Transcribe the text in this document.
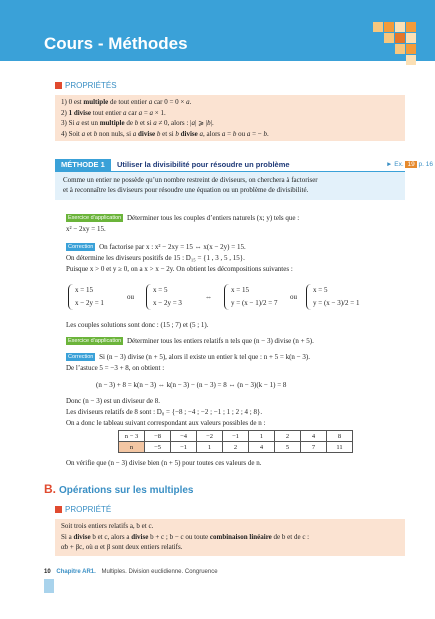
Cours - Méthodes
PROPRIÉTÉS
1) 0 est multiple de tout entier a car 0 = 0 × a.
2) 1 divise tout entier a car a = a × 1.
3) Si a est un multiple de b et si a ≠ 0, alors : |a| ⩾ |b|.
4) Soit a et b non nuls, si a divise b et si b divise a, alors a = b ou a = − b.
MÉTHODE 1	Utiliser la divisibilité pour résoudre un problème	► Ex. 19 p. 16
Comme un entier ne possède qu’un nombre restreint de diviseurs, on cherchera à factoriser
et à reconnaître les diviseurs pour résoudre une équation ou un problème de divisibilité.
Exercice d’application Déterminer tous les couples d’entiers naturels (x; y) tels que :
x² − 2xy = 15.
Correction On factorise par x : x² − 2xy = 15 ⇔ x(x − 2y) = 15.
On détermine les diviseurs positifs de 15 : D₁₅ = {1 , 3 , 5 , 15}.
Puisque x > 0 et y ≥ 0, on a x > x − 2y. On obtient les décompositions suivantes :
x = 15
x − 2y = 1
ou
x = 5
x − 2y = 3
⇔
x = 15
y = (x − 1)/2 = 7
ou
x = 5
y = (x − 3)/2 = 1
Les couples solutions sont donc : (15 ; 7) et (5 ; 1).
Exercice d’application Déterminer tous les entiers relatifs n tels que (n − 3) divise (n + 5).
Correction Si (n − 3) divise (n + 5), alors il existe un entier k tel que : n + 5 = k(n − 3).
De l’astuce 5 = −3 + 8, on obtient :
(n − 3) + 8 = k(n − 3) ⇔ k(n − 3) − (n − 3) = 8 ⇔ (n − 3)(k − 1) = 8
Donc (n − 3) est un diviseur de 8.
Les diviseurs relatifs de 8 sont : D₈ = {−8 ; −4 ; −2 ; −1 ; 1 ; 2 ; 4 ; 8}.
On a donc le tableau suivant correspondant aux valeurs possibles de n :
n − 3	−8	−4	−2	−1	1	2	4	8
n	−5	−1	1	2	4	5	7	11
On vérifie que (n − 3) divise bien (n + 5) pour toutes ces valeurs de n.
B. Opérations sur les multiples
PROPRIÉTÉ
Soit trois entiers relatifs a, b et c.
Si a divise b et c, alors a divise b + c ; b − c ou toute combinaison linéaire de b et de c :
αb + βc, où α et β sont deux entiers relatifs.
10 Chapitre AR1. Multiples. Division euclidienne. Congruence
